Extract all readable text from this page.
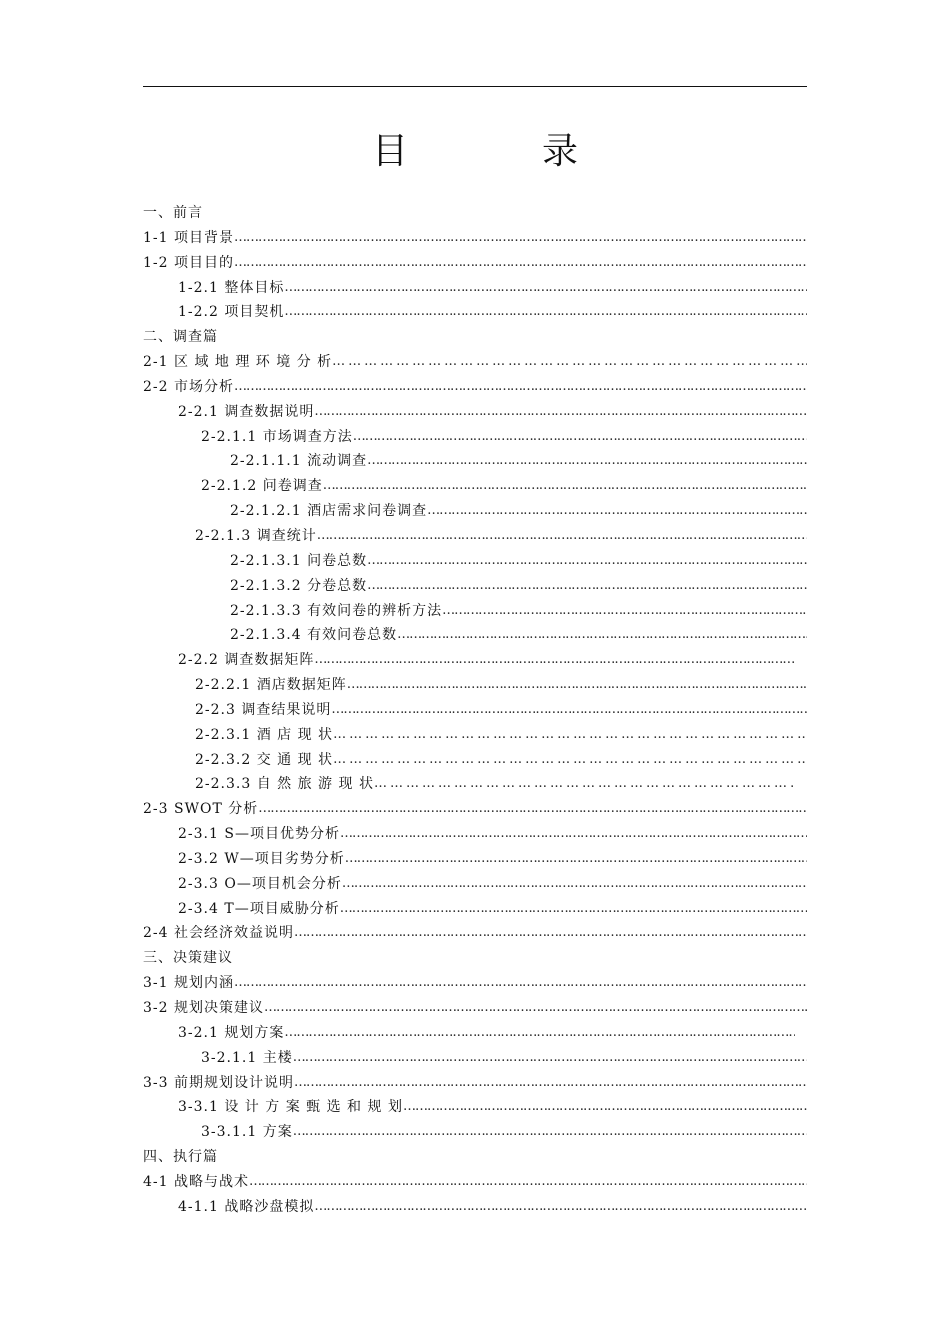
目	录
一、前言
1-1 项目背景
………………………………………………………………………………………………………………………………………………………………………………………………………
1-2 项目目的
………………………………………………………………………………………………………………………………………………………………………………………………………
1-2.1 整体目标
………………………………………………………………………………………………………………………………………………………………………………………………………
1-2.2 项目契机
………………………………………………………………………………………………………………………………………………………………………………………………………
二、调查篇
2-1 区 域 地 理 环 境 分 析
………………………………………………………………………………………………………………………………………………………………………………………………………
2-2 市场分析
………………………………………………………………………………………………………………………………………………………………………………………………………
2-2.1 调查数据说明
………………………………………………………………………………………………………………………………………………………………………………………………………
2-2.1.1 市场调查方法
………………………………………………………………………………………………………………………………………………………………………………………………………
2-2.1.1.1 流动调查
………………………………………………………………………………………………………………………………………………………………………………………………………
2-2.1.2 问卷调查
………………………………………………………………………………………………………………………………………………………………………………………………………
2-2.1.2.1 酒店需求问卷调查
………………………………………………………………………………………………………………………………………………………………………………………………………
2-2.1.3 调查统计
………………………………………………………………………………………………………………………………………………………………………………………………………
2-2.1.3.1 问卷总数
………………………………………………………………………………………………………………………………………………………………………………………………………
2-2.1.3.2 分卷总数
………………………………………………………………………………………………………………………………………………………………………………………………………
2-2.1.3.3 有效问卷的辨析方法
………………………………………………………………………………………………………………………………………………………………………………………………………
2-2.1.3.4 有效问卷总数
………………………………………………………………………………………………………………………………………………………………………………………………………
2-2.2 调查数据矩阵
………………………………………………………………………………………………………………………………………………………………………………………………………
2-2.2.1 酒店数据矩阵
………………………………………………………………………………………………………………………………………………………………………………………………………
2-2.3 调查结果说明
………………………………………………………………………………………………………………………………………………………………………………………………………
2-2.3.1 酒 店 现 状
………………………………………………………………………………………………………………………………………………………………………………………………………
2-2.3.2 交 通 现 状
………………………………………………………………………………………………………………………………………………………………………………………………………
2-2.3.3 自 然 旅 游 现 状
………………………………………………………………………………………………………………………………………………………………………………………………………
2-3 SWOT 分析
………………………………………………………………………………………………………………………………………………………………………………………………………
2-3.1 S—项目优势分析
………………………………………………………………………………………………………………………………………………………………………………………………………
2-3.2 W—项目劣势分析
………………………………………………………………………………………………………………………………………………………………………………………………………
2-3.3 O—项目机会分析
………………………………………………………………………………………………………………………………………………………………………………………………………
2-3.4 T—项目威胁分析
………………………………………………………………………………………………………………………………………………………………………………………………………
2-4 社会经济效益说明
………………………………………………………………………………………………………………………………………………………………………………………………………
三、决策建议
3-1 规划内涵
………………………………………………………………………………………………………………………………………………………………………………………………………
3-2 规划决策建议
………………………………………………………………………………………………………………………………………………………………………………………………………
3-2.1 规划方案
………………………………………………………………………………………………………………………………………………………………………………………………………
3-2.1.1 主楼
………………………………………………………………………………………………………………………………………………………………………………………………………
3-3 前期规划设计说明
………………………………………………………………………………………………………………………………………………………………………………………………………
3-3.1 设 计 方 案 甄 选 和 规 划
………………………………………………………………………………………………………………………………………………………………………………………………………
3-3.1.1 方案
………………………………………………………………………………………………………………………………………………………………………………………………………
四、执行篇
4-1 战略与战术
………………………………………………………………………………………………………………………………………………………………………………………………………
4-1.1 战略沙盘模拟
………………………………………………………………………………………………………………………………………………………………………………………………………
